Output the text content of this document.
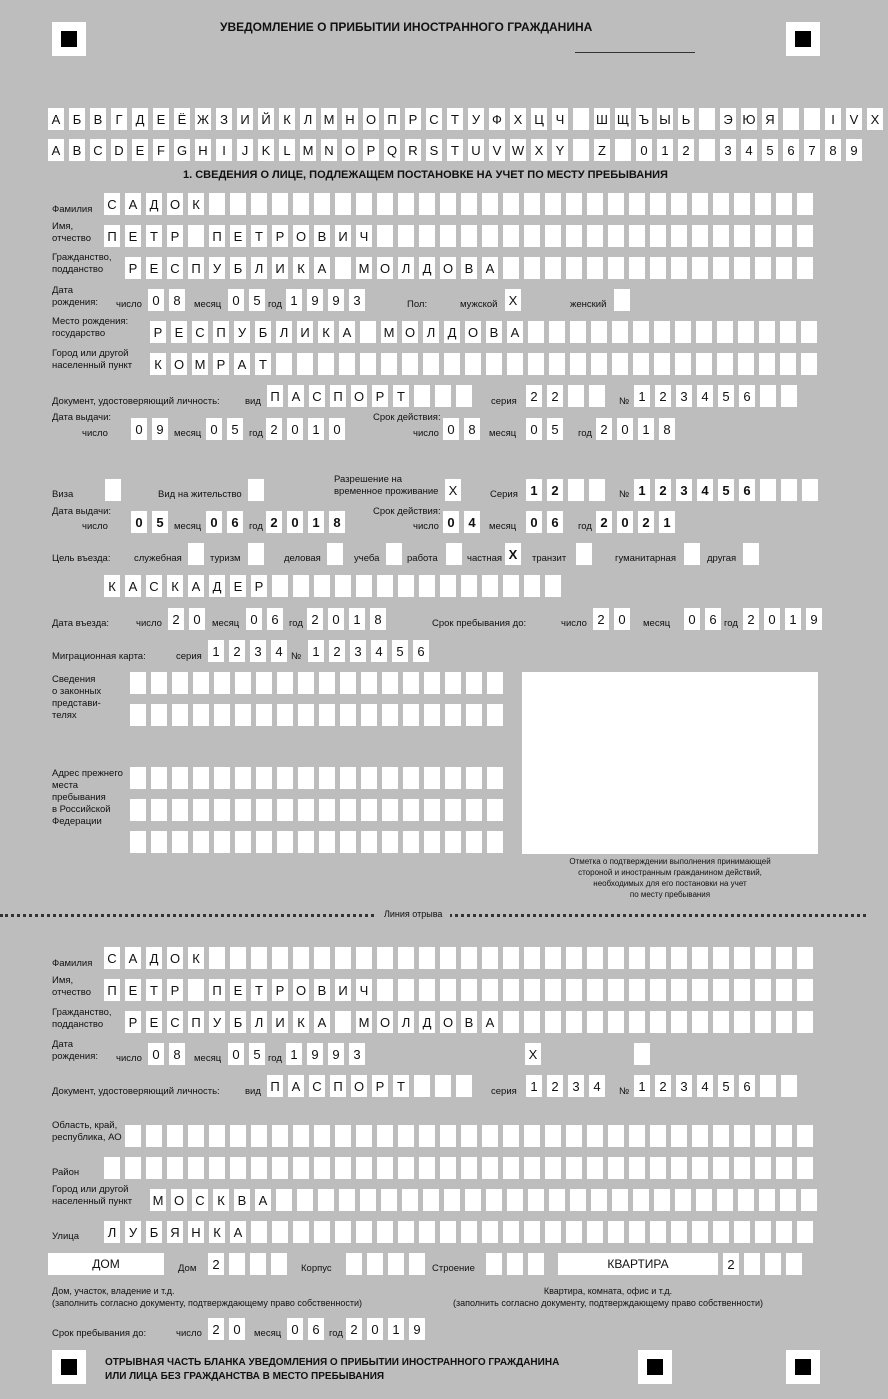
УВЕДОМЛЕНИЕ О ПРИБЫТИИ ИНОСТРАННОГО ГРАЖДАНИНА
А Б В	Г	Д Е Ё Ж З И Й К Л М Н О П Р С Т У Ф Х Ц Ч Ш Щ Ъ Ы Ь	Э Ю Я	I	V X
A B C D E F G H	I	J	K	L M N O P Q R S T U V W X Y	Z	0	1	2	3	4	5	6	7	8	9
1. СВЕДЕНИЯ О ЛИЦЕ, ПОДЛЕЖАЩЕМ ПОСТАНОВКЕ НА УЧЕТ ПО МЕСТУ ПРЕБЫВАНИЯ
Фамилия С А Д О К
Имя,
отчество П Е Т Р	П Е Т Р О В И Ч
Гражданство,
подданство	Р Е С П У Б Л И К А М О Л Д О В А
Дата
рождения: число 0	8	месяц 0	5 год 1	9	9	3	Пол:	мужской Х	женский
Место рождения:
государство	Р Е С П У Б Л И К А М О Л Д О В А
Город или другой
населенный пункт	К О М Р А Т
Документ, удостоверяющий личность:	вид П А С П О Р Т	серия	2	2	№ 1	2	3	4	5	6
Дата выдачи:
число	0	9	месяц 0	5	год 2	0	1	0
Срок действия:
число 0	8	месяц	0	5	год 2	0	1	8
Виза	Вид на жительство
Разрешение на
временное проживание Х	Серия 1	2	№ 1	2	3	4	5	6
Дата выдачи:
число	0	5	месяц 0	6	год 2	0	1	8
Срок действия:
число 0	4	месяц	0	6	год 2	0	2	1
Цель въезда: служебная	туризм	деловая	учеба	работа	частная Х	транзит	гуманитарная	другая
К А С К А Д Е Р
Дата въезда:	число 2	0	месяц 0	6	год 2	0	1	8	Срок пребывания до:	число 2	0	месяц	0	6 год 2	0	1	9
Миграционная карта:	серия 1	2	3	4 № 1	2	3	4	5	6
Сведения
о законных
представи-
телях
Адрес прежнего
места
пребывания
в Российской
Федерации
Отметка о подтверждении выполнения принимающей
стороной и иностранным гражданином действий,
необходимых для его постановки на учет
по месту пребывания
Линия отрыва
Фамилия С А Д О К
Имя,
отчество П Е Т Р	П Е Т Р О В И Ч
Гражданство,
подданство	Р Е С П У Б Л И К А М О Л Д О В А
Дата
рождения: число 0	8	месяц 0	5 год 1	9	9	3	Х
Документ, удостоверяющий личность:	вид П А С П О Р Т	серия	1	2	3	4	№ 1	2	3	4	5	6
Область, край,
республика, АО
Район
Город или другой
населенный пункт М О С К В А
Улица Л У Б Я Н К А
ДОМ	Дом	2	Корпус	Строение	КВАРТИРА	2
Дом, участок, владение и т.д.
(заполнить согласно документу, подтверждающему право собственности)
Квартира, комната, офис и т.д.
(заполнить согласно документу, подтверждающему право собственности)
Срок пребывания до:	число 2	0	месяц 0	6 год 2	0	1	9
ОТРЫВНАЯ ЧАСТЬ БЛАНКА УВЕДОМЛЕНИЯ О ПРИБЫТИИ ИНОСТРАННОГО ГРАЖДАНИНА
ИЛИ ЛИЦА БЕЗ ГРАЖДАНСТВА В МЕСТО ПРЕБЫВАНИЯ
